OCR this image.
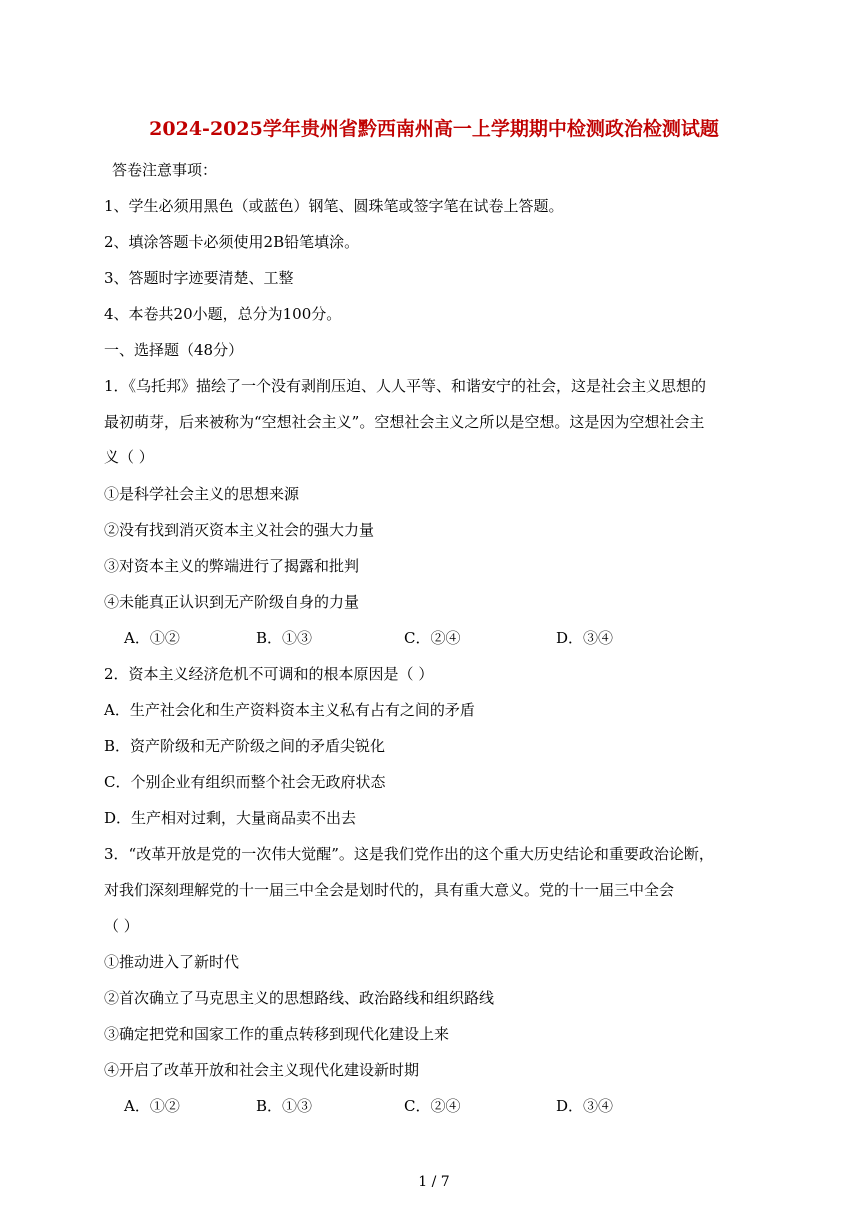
2024-2025学年贵州省黔西南州高一上学期期中检测政治检测试题
答卷注意事项：
1、学生必须用黑色（或蓝色）钢笔、圆珠笔或签字笔在试卷上答题。
2、填涂答题卡必须使用2B铅笔填涂。
3、答题时字迹要清楚、工整
4、本卷共20小题，总分为100分。
一、选择题（48分）
1．《乌托邦》描绘了一个没有剥削压迫、人人平等、和谐安宁的社会，这是社会主义思想的
最初萌芽，后来被称为“空想社会主义”。空想社会主义之所以是空想。这是因为空想社会主
义（ ）
①是科学社会主义的思想来源
②没有找到消灭资本主义社会的强大力量
③对资本主义的弊端进行了揭露和批判
④未能真正认识到无产阶级自身的力量
A．①②	B．①③	C．②④	D．③④
2．资本主义经济危机不可调和的根本原因是（ ）
A．生产社会化和生产资料资本主义私有占有之间的矛盾
B．资产阶级和无产阶级之间的矛盾尖锐化
C．个别企业有组织而整个社会无政府状态
D．生产相对过剩，大量商品卖不出去
3．“改革开放是党的一次伟大觉醒”。这是我们党作出的这个重大历史结论和重要政治论断，
对我们深刻理解党的十一届三中全会是划时代的，具有重大意义。党的十一届三中全会
（ ）
①推动进入了新时代
②首次确立了马克思主义的思想路线、政治路线和组织路线
③确定把党和国家工作的重点转移到现代化建设上来
④开启了改革开放和社会主义现代化建设新时期
A．①②	B．①③	C．②④	D．③④
1 / 7
